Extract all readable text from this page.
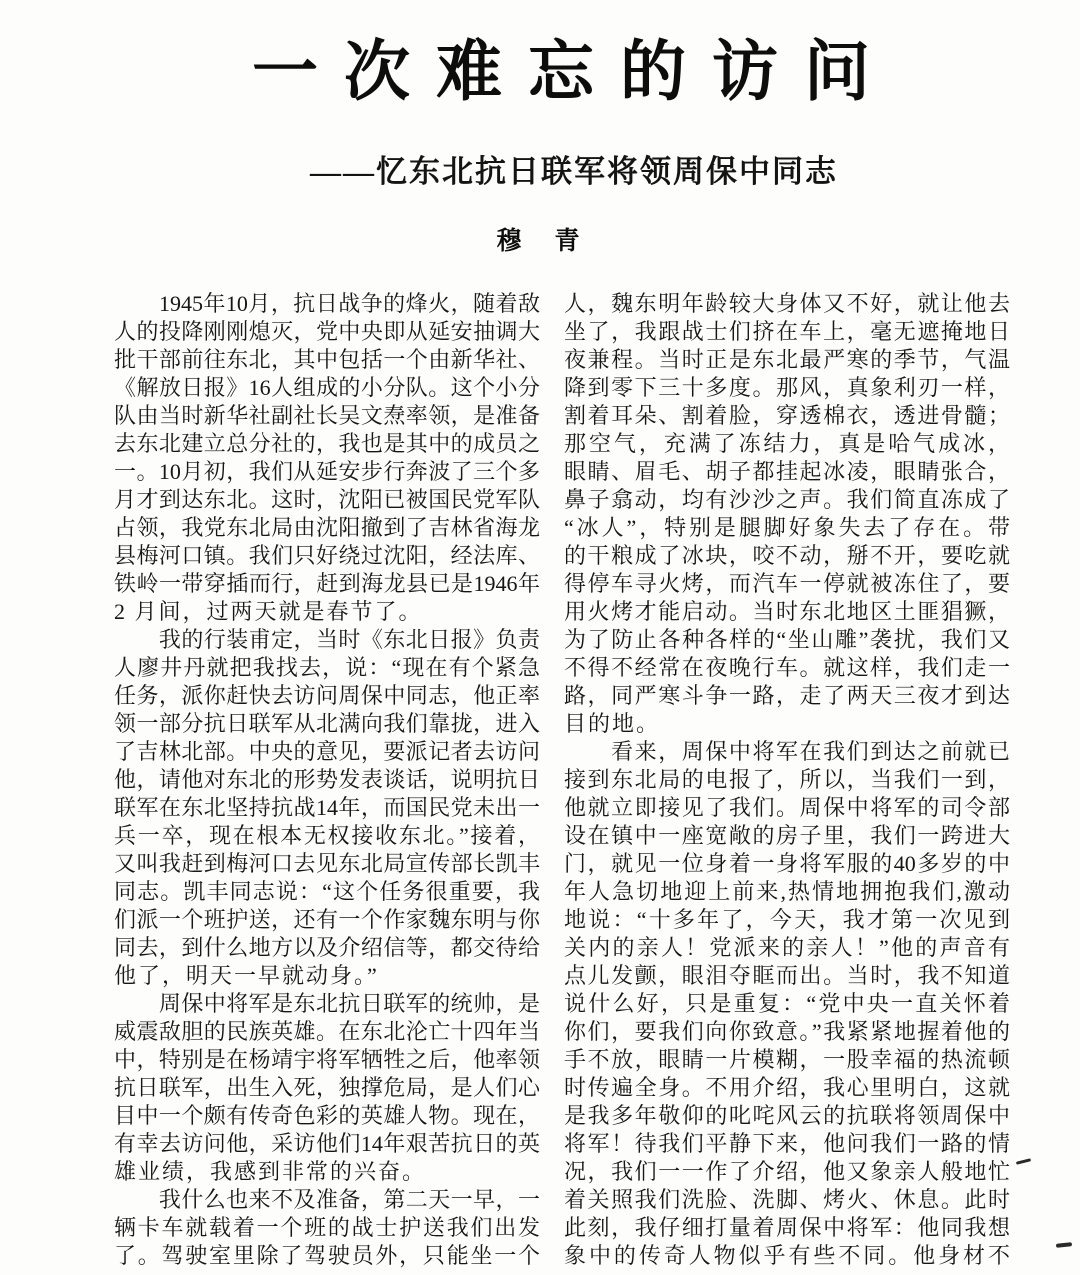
一次难忘的访问
——忆东北抗日联军将领周保中同志
穆　青
　　1945年10月，抗日战争的烽火，随着敌
人的投降刚刚熄灭，党中央即从延安抽调大
批干部前往东北，其中包括一个由新华社、
《解放日报》16人组成的小分队。这个小分
队由当时新华社副社长吴文焘率领，是准备
去东北建立总分社的，我也是其中的成员之
一。10月初，我们从延安步行奔波了三个多
月才到达东北。这时，沈阳已被国民党军队
占领，我党东北局由沈阳撤到了吉林省海龙
县梅河口镇。我们只好绕过沈阳，经法库、
铁岭一带穿插而行，赶到海龙县已是1946年
2 月间，过两天就是春节了。
　　我的行装甫定，当时《东北日报》负责
人廖井丹就把我找去，说：“现在有个紧急
任务，派你赶快去访问周保中同志，他正率
领一部分抗日联军从北满向我们靠拢，进入
了吉林北部。中央的意见，要派记者去访问
他，请他对东北的形势发表谈话，说明抗日
联军在东北坚持抗战14年，而国民党未出一
兵一卒，现在根本无权接收东北。”接着，
又叫我赶到梅河口去见东北局宣传部长凯丰
同志。凯丰同志说：“这个任务很重要，我
们派一个班护送，还有一个作家魏东明与你
同去，到什么地方以及介绍信等，都交待给
他了，明天一早就动身。”
　　周保中将军是东北抗日联军的统帅，是
威震敌胆的民族英雄。在东北沦亡十四年当
中，特别是在杨靖宇将军牺牲之后，他率领
抗日联军，出生入死，独撑危局，是人们心
目中一个颇有传奇色彩的英雄人物。现在，
有幸去访问他，采访他们14年艰苦抗日的英
雄业绩，我感到非常的兴奋。
　　我什么也来不及准备，第二天一早，一
辆卡车就载着一个班的战士护送我们出发
了。驾驶室里除了驾驶员外，只能坐一个
人，魏东明年龄较大身体又不好，就让他去
坐了，我跟战士们挤在车上，毫无遮掩地日
夜兼程。当时正是东北最严寒的季节，气温
降到零下三十多度。那风，真象利刃一样，
割着耳朵、割着脸，穿透棉衣，透进骨髓；
那空气，充满了冻结力，真是哈气成冰，
眼睛、眉毛、胡子都挂起冰凌，眼睛张合，
鼻子翕动，均有沙沙之声。我们简直冻成了
“冰人”，特别是腿脚好象失去了存在。带
的干粮成了冰块，咬不动，掰不开，要吃就
得停车寻火烤，而汽车一停就被冻住了，要
用火烤才能启动。当时东北地区土匪猖獗，
为了防止各种各样的“坐山雕”袭扰，我们又
不得不经常在夜晚行车。就这样，我们走一
路，同严寒斗争一路，走了两天三夜才到达
目的地。
　　看来，周保中将军在我们到达之前就已
接到东北局的电报了，所以，当我们一到，
他就立即接见了我们。周保中将军的司令部
设在镇中一座宽敞的房子里，我们一跨进大
门，就见一位身着一身将军服的40多岁的中
年人急切地迎上前来,热情地拥抱我们,激动
地说：“十多年了，今天，我才第一次见到
关内的亲人！党派来的亲人！”他的声音有
点儿发颤，眼泪夺眶而出。当时，我不知道
说什么好，只是重复：“党中央一直关怀着
你们，要我们向你致意。”我紧紧地握着他的
手不放，眼睛一片模糊，一股幸福的热流顿
时传遍全身。不用介绍，我心里明白，这就
是我多年敬仰的叱咤风云的抗联将领周保中
将军！待我们平静下来，他问我们一路的情
况，我们一一作了介绍，他又象亲人般地忙
着关照我们洗脸、洗脚、烤火、休息。此时
此刻，我仔细打量着周保中将军：他同我想
象中的传奇人物似乎有些不同。他身材不
